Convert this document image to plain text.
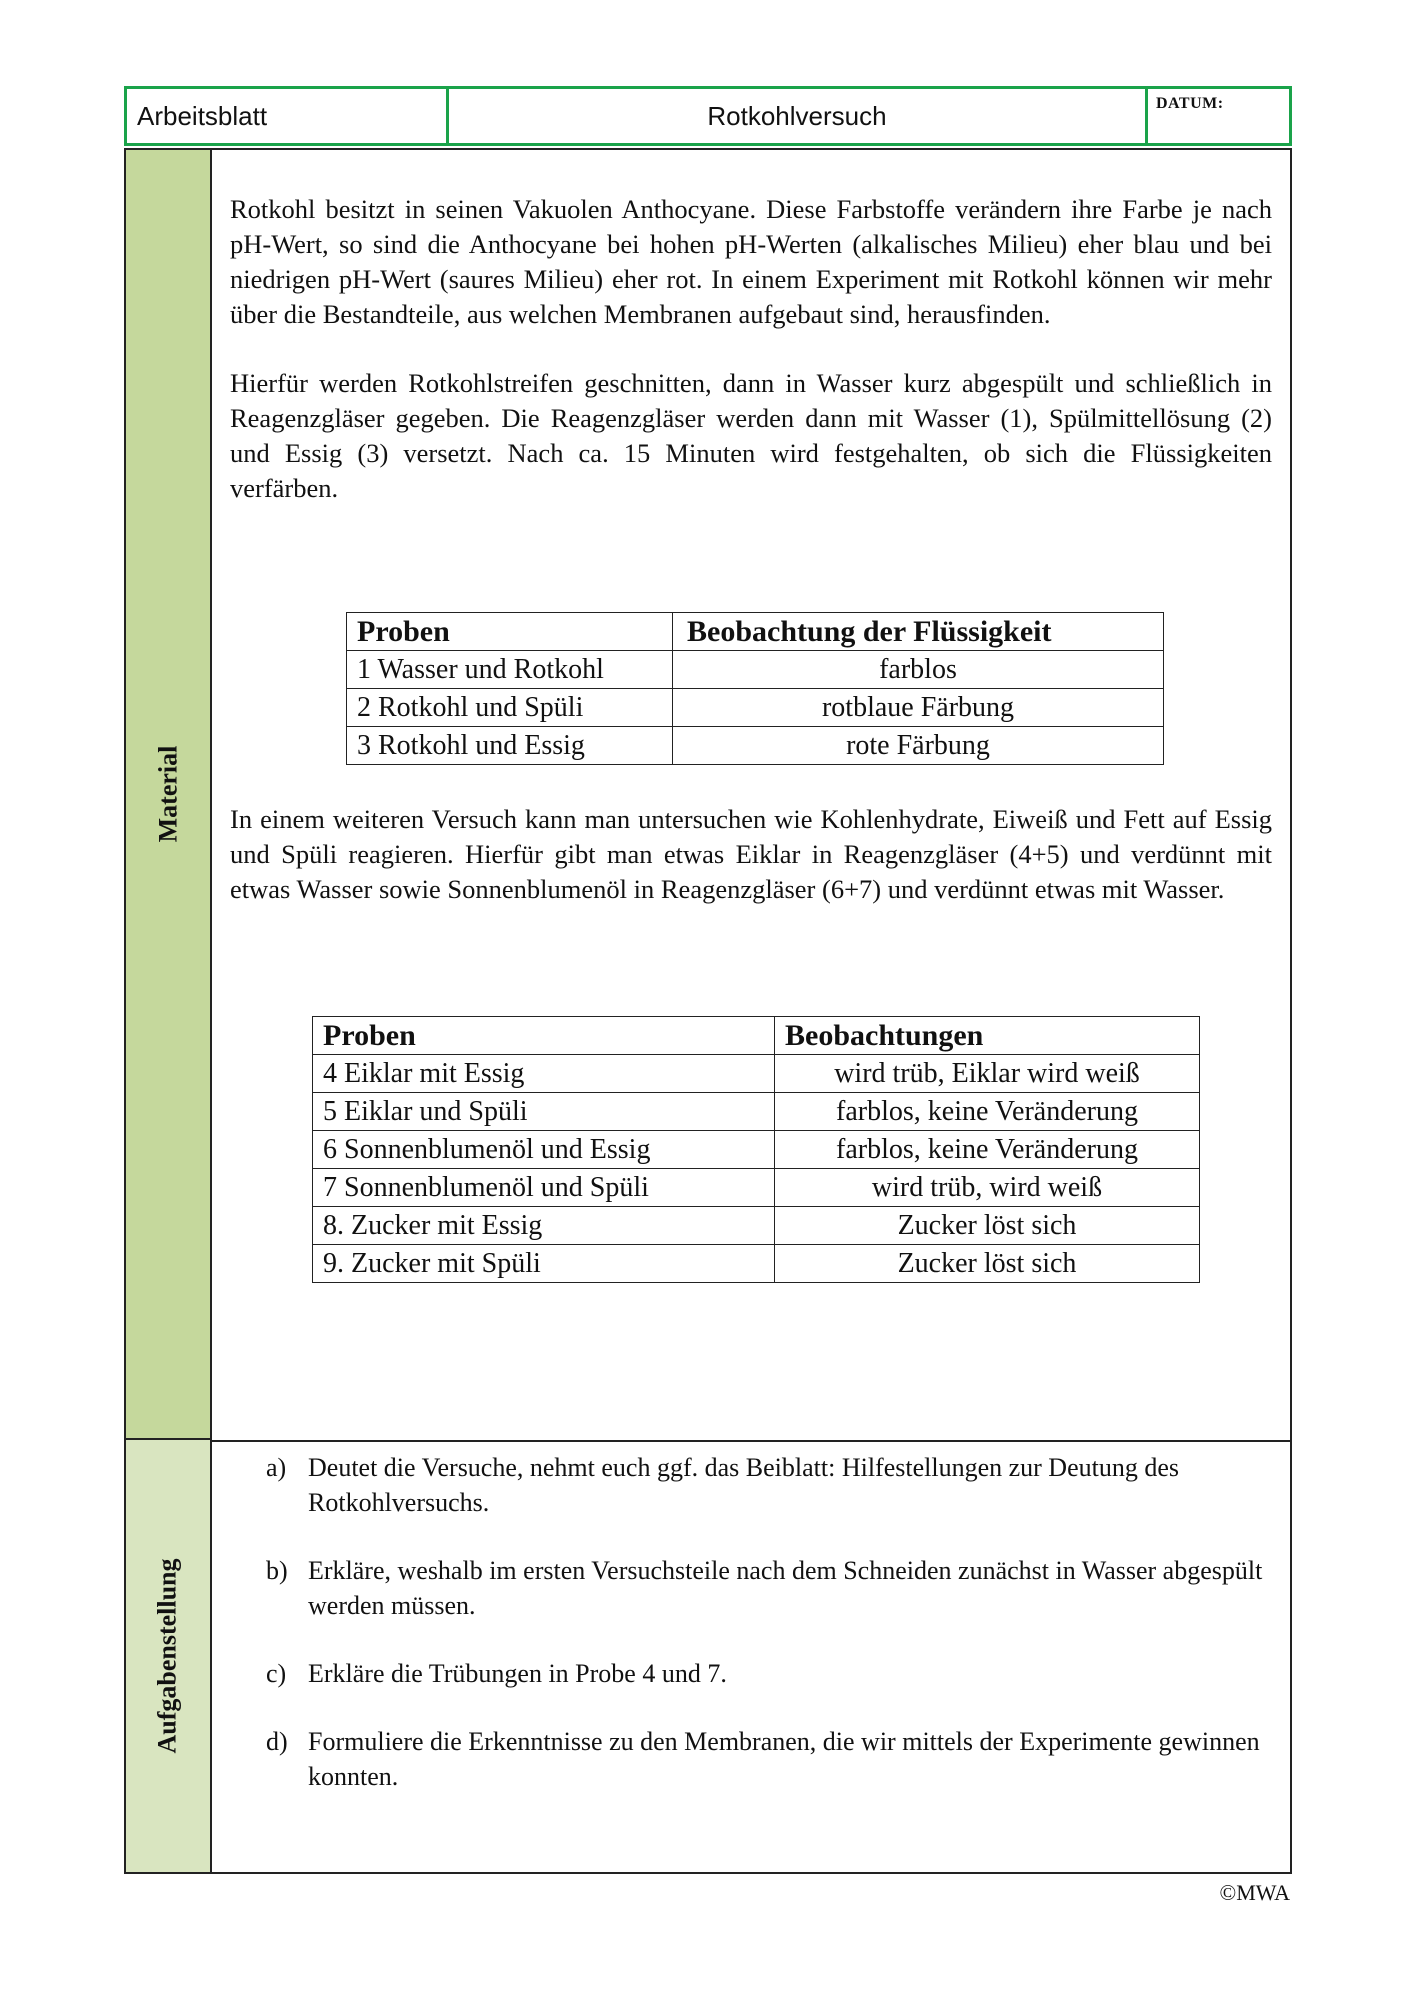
Arbeitsblatt	Rotkohlversuch	DATUM:
Material
Aufgabenstellung

Rotkohl besitzt in seinen Vakuolen Anthocyane. Diese Farbstoffe verändern ihre Farbe je nach pH-Wert, so sind die Anthocyane bei hohen pH-Werten (alkalisches Milieu) eher blau und bei niedrigen pH-Wert (saures Milieu) eher rot. In einem Experiment mit Rotkohl können wir mehr über die Bestandteile, aus welchen Membranen aufgebaut sind, herausfinden.

Hierfür werden Rotkohlstreifen geschnitten, dann in Wasser kurz abgespült und schließlich in Reagenzgläser gegeben. Die Reagenzgläser werden dann mit Wasser (1), Spülmittellösung (2) und Essig (3) versetzt. Nach ca. 15 Minuten wird festgehalten, ob sich die Flüssigkeiten verfärben.

Proben	Beobachtung der Flüssigkeit
1 Wasser und Rotkohl	farblos
2 Rotkohl und Spüli	rotblaue Färbung
3 Rotkohl und Essig	rote Färbung

In einem weiteren Versuch kann man untersuchen wie Kohlenhydrate, Eiweiß und Fett auf Essig und Spüli reagieren. Hierfür gibt man etwas Eiklar in Reagenzgläser (4+5) und verdünnt mit etwas Wasser sowie Sonnenblumenöl in Reagenzgläser (6+7) und verdünnt etwas mit Wasser.

Proben	Beobachtungen
4 Eiklar mit Essig	wird trüb, Eiklar wird weiß
5 Eiklar und Spüli	farblos, keine Veränderung
6 Sonnenblumenöl und Essig	farblos, keine Veränderung
7 Sonnenblumenöl und Spüli	wird trüb, wird weiß
8. Zucker mit Essig	Zucker löst sich
9. Zucker mit Spüli	Zucker löst sich
a) Deutet die Versuche, nehmt euch ggf. das Beiblatt: Hilfestellungen zur Deutung des Rotkohlversuchs.
b) Erkläre, weshalb im ersten Versuchsteile nach dem Schneiden zunächst in Wasser abgespült werden müssen.
c) Erkläre die Trübungen in Probe 4 und 7.
d) Formuliere die Erkenntnisse zu den Membranen, die wir mittels der Experimente gewinnen konnten.
©MWA
